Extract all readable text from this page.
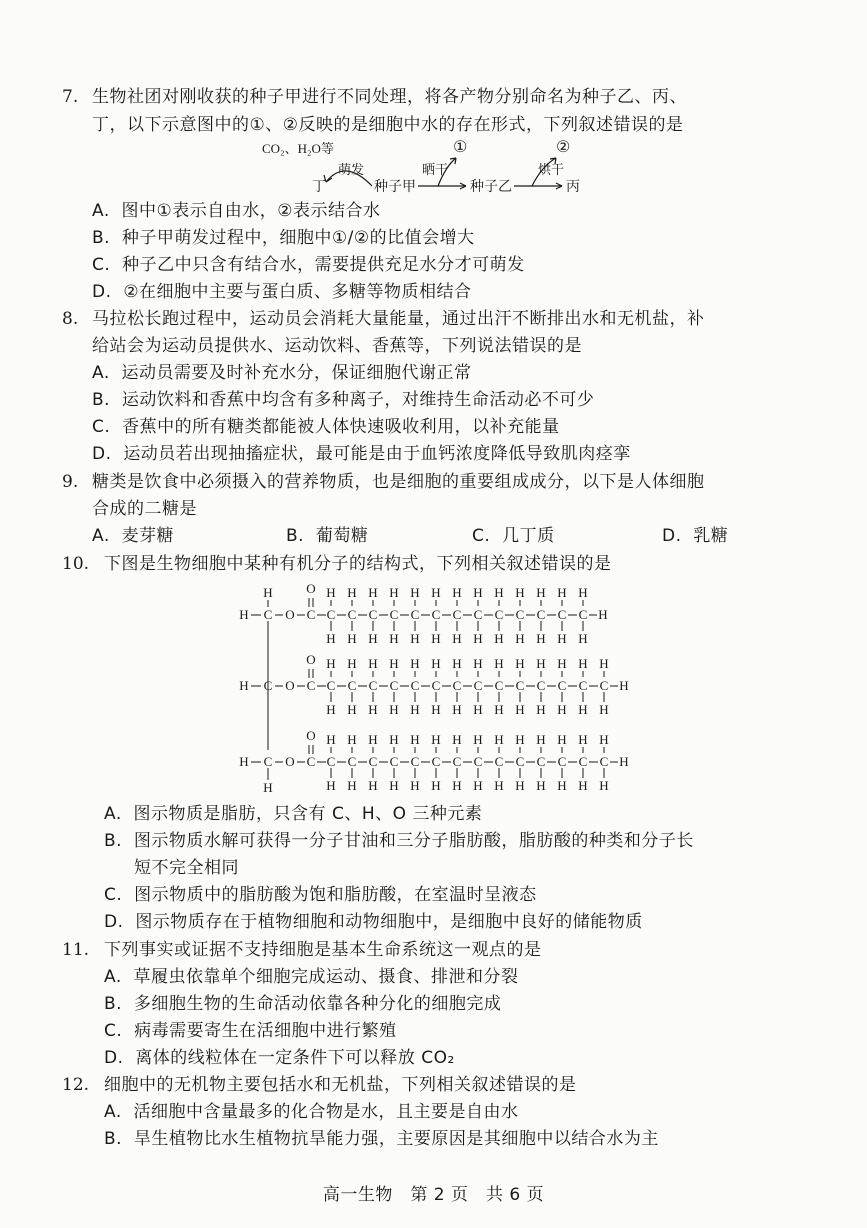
7. 生物社团对刚收获的种子甲进行不同处理，将各产物分别命名为种子乙、丙、
丁，以下示意图中的①、②反映的是细胞中水的存在形式，下列叙述错误的是
CO₂、H₂O等
萌发	晒干	烘干
①	②
丁	种子甲	种子乙	丙
A. 图中①表示自由水，②表示结合水
B. 种子甲萌发过程中，细胞中①/②的比值会增大
C. 种子乙中只含有结合水，需要提供充足水分才可萌发
D. ②在细胞中主要与蛋白质、多糖等物质相结合
8. 马拉松长跑过程中，运动员会消耗大量能量，通过出汗不断排出水和无机盐，补
给站会为运动员提供水、运动饮料、香蕉等，下列说法错误的是
A. 运动员需要及时补充水分，保证细胞代谢正常
B. 运动饮料和香蕉中均含有多种离子，对维持生命活动必不可少
C. 香蕉中的所有糖类都能被人体快速吸收利用，以补充能量
D. 运动员若出现抽搐症状，最可能是由于血钙浓度降低导致肌肉痉挛
9. 糖类是饮食中必须摄入的营养物质，也是细胞的重要组成成分，以下是人体细胞
合成的二糖是
A. 麦芽糖	B. 葡萄糖	C. 几丁质	D. 乳糖
10. 下图是生物细胞中某种有机分子的结构式，下列相关叙述错误的是
H
H
H C O C
O
C
H
H
C
H
H
C
H
H
C
H
H
C
H
H
C
H
H
C
H
H
C
H
H
C
H
H
C
H
H
C
H
H
C
H
H
C
H
H
H
H C O C
O
C
H
H
C
H
H
C
H
H
C
H
H
C
H
H
C
H
H
C
H
H
C
H
H
C
H
H
C
H
H
C
H
H
C
H
H
C
H
H
C
H
H
H
H C O C
O
C
H
H
C
H
H
C
H
H
C
H
H
C
H
H
C
H
H
C
H
H
C
H
H
C
H
H
C
H
H
C
H
H
C
H
H
C
H
H
C
H
H
H
A. 图示物质是脂肪，只含有 C、H、O 三种元素
B. 图示物质水解可获得一分子甘油和三分子脂肪酸，脂肪酸的种类和分子长
短不完全相同
C. 图示物质中的脂肪酸为饱和脂肪酸，在室温时呈液态
D. 图示物质存在于植物细胞和动物细胞中，是细胞中良好的储能物质
11. 下列事实或证据不支持细胞是基本生命系统这一观点的是
A. 草履虫依靠单个细胞完成运动、摄食、排泄和分裂
B. 多细胞生物的生命活动依靠各种分化的细胞完成
C. 病毒需要寄生在活细胞中进行繁殖
D. 离体的线粒体在一定条件下可以释放 CO₂
12. 细胞中的无机物主要包括水和无机盐，下列相关叙述错误的是
A. 活细胞中含量最多的化合物是水，且主要是自由水
B. 旱生植物比水生植物抗旱能力强，主要原因是其细胞中以结合水为主
高一生物　第 2 页　共 6 页
